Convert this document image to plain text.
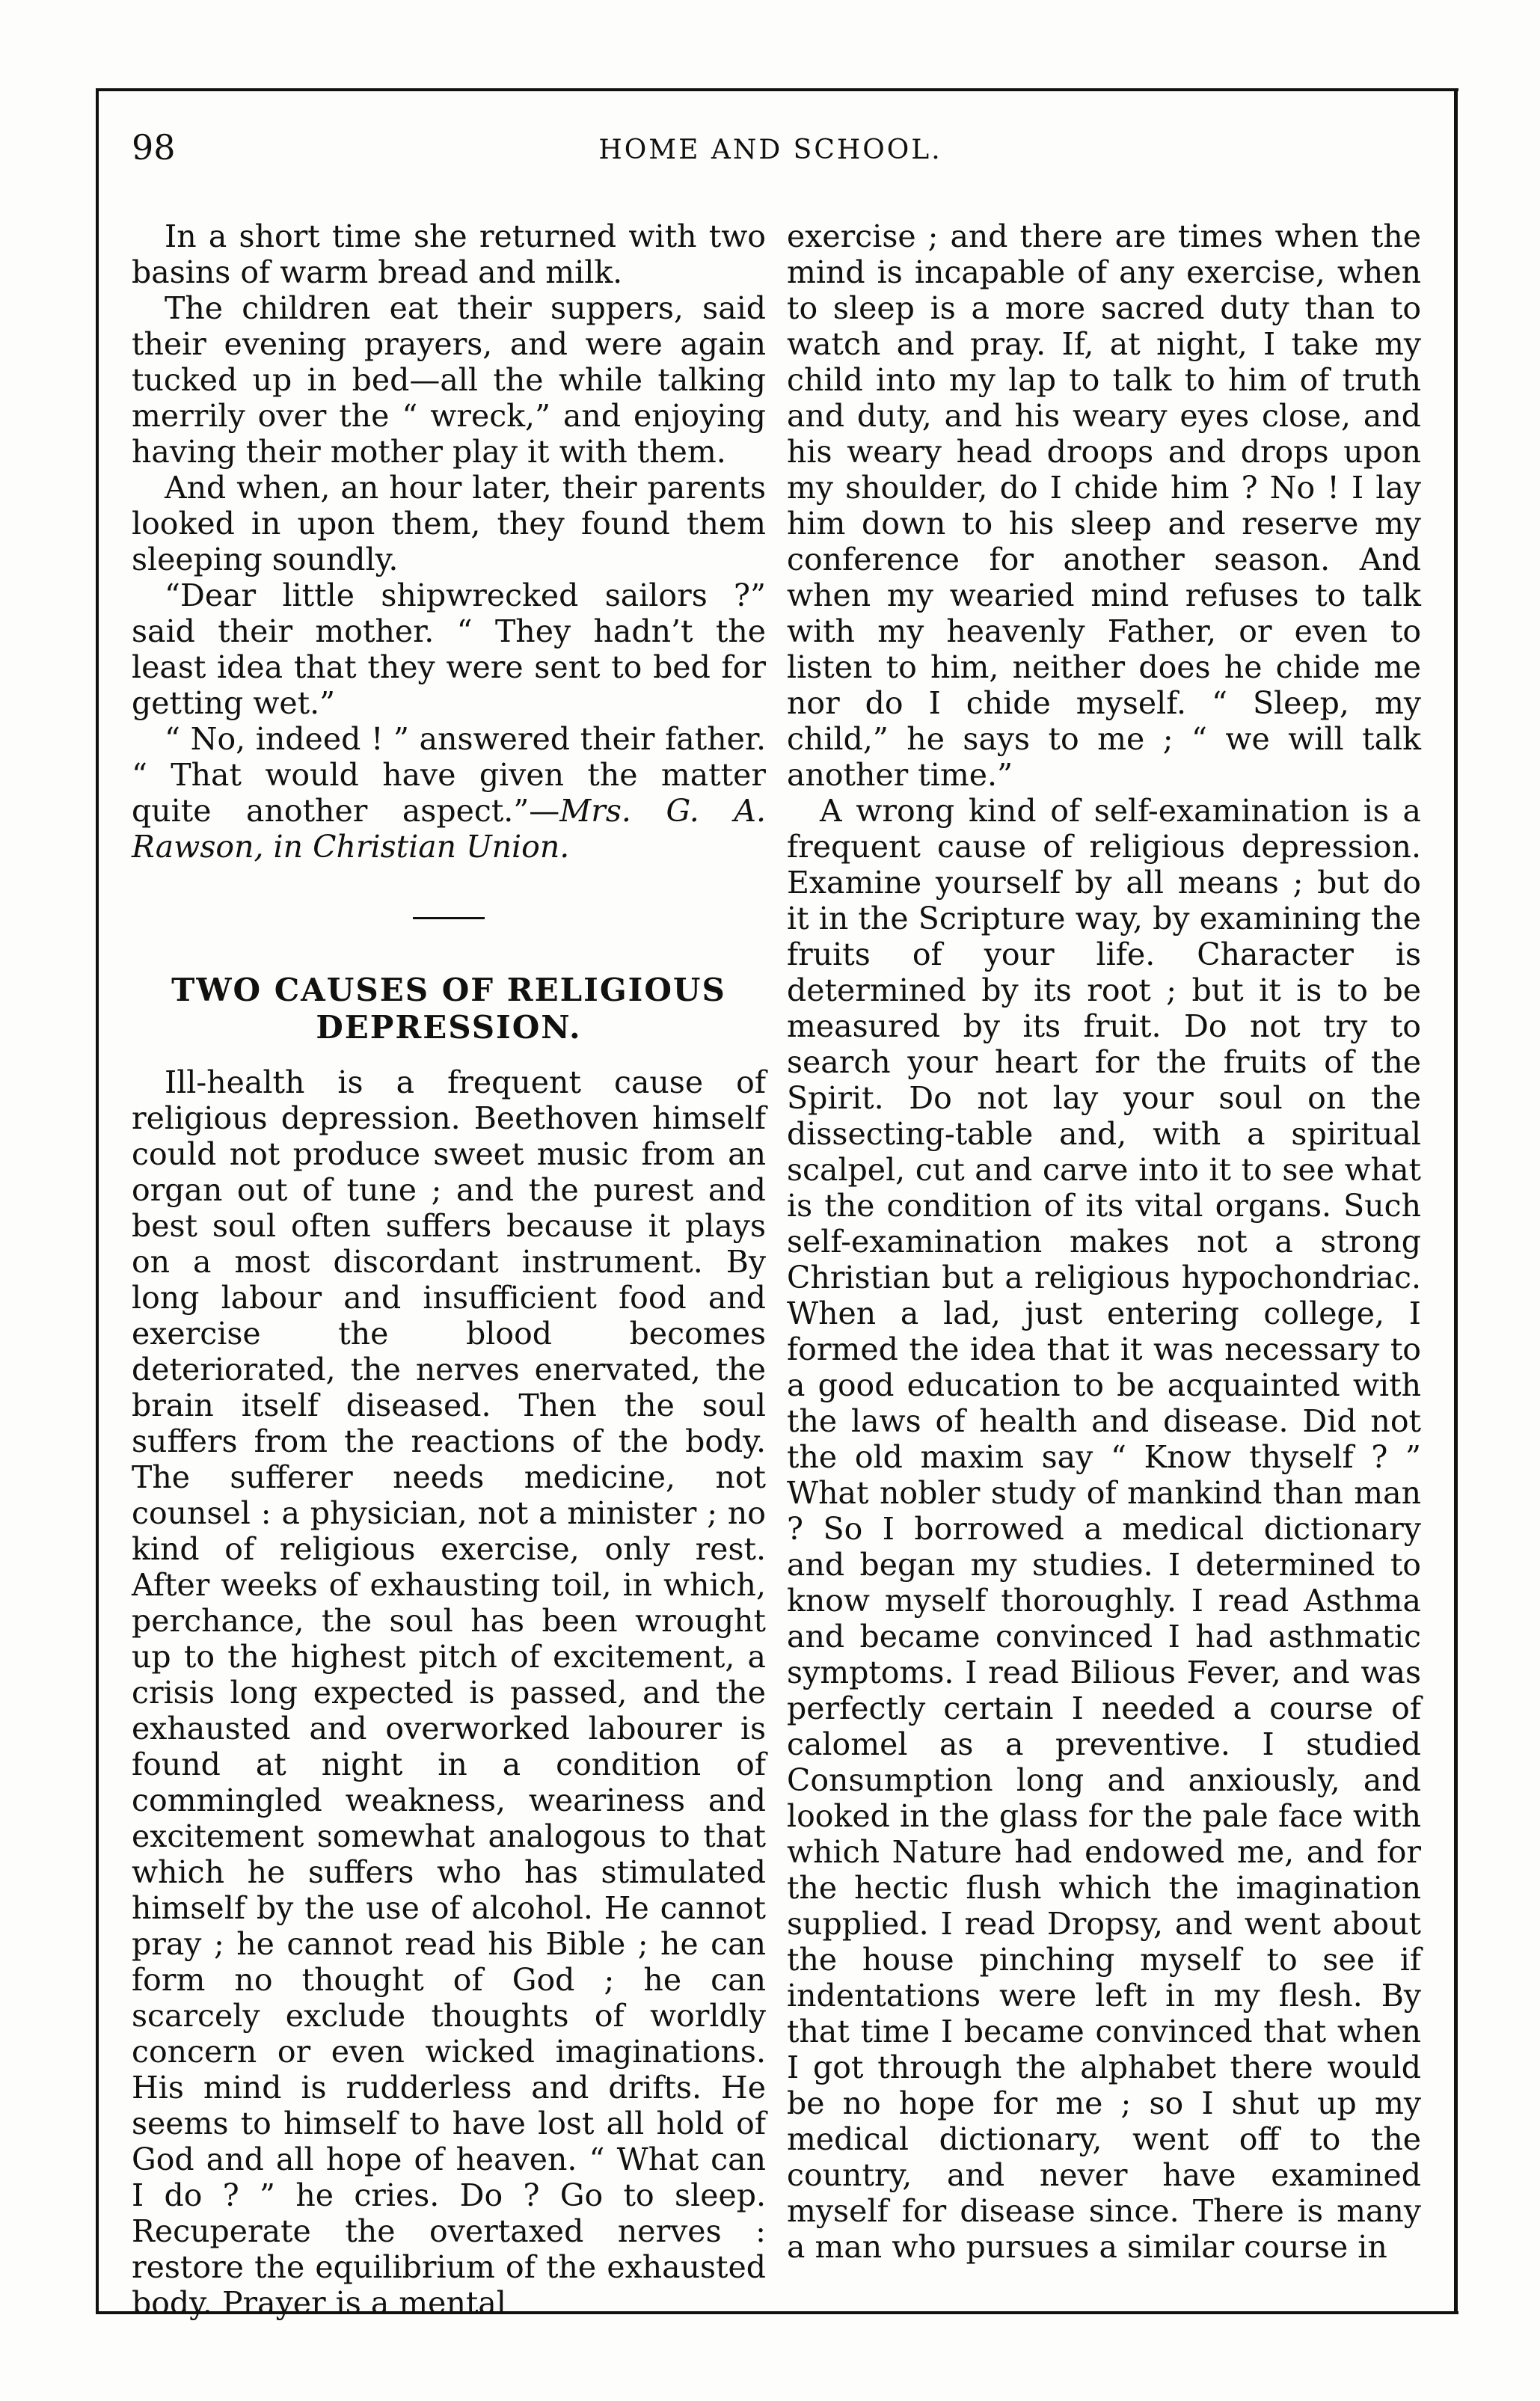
98	HOME AND SCHOOL.

In a short time she returned with two basins of warm bread and milk.

The children eat their suppers, said their evening prayers, and were again tucked up in bed—all the while talking merrily over the “ wreck,” and enjoying having their mother play it with them.

And when, an hour later, their parents looked in upon them, they found them sleeping soundly.

“Dear little shipwrecked sailors ?” said their mother. “ They hadn’t the least idea that they were sent to bed for getting wet.”

“ No, indeed ! ” answered their father. “ That would have given the matter quite another aspect.”—Mrs. G. A. Rawson, in Christian Union.

TWO CAUSES OF RELIGIOUS
DEPRESSION.

Ill-health is a frequent cause of religious depression. Beethoven himself could not produce sweet music from an organ out of tune ; and the purest and best soul often suffers because it plays on a most discordant instrument. By long labour and insufficient food and exercise the blood becomes deteriorated, the nerves enervated, the brain itself diseased. Then the soul suffers from the reactions of the body. The sufferer needs medicine, not counsel : a physician, not a minister ; no kind of religious exercise, only rest. After weeks of exhausting toil, in which, perchance, the soul has been wrought up to the highest pitch of excitement, a crisis long expected is passed, and the exhausted and overworked labourer is found at night in a condition of commingled weakness, weariness and excitement somewhat analogous to that which he suffers who has stimulated himself by the use of alcohol. He cannot pray ; he cannot read his Bible ; he can form no thought of God ; he can scarcely exclude thoughts of worldly concern or even wicked imaginations. His mind is rudderless and drifts. He seems to himself to have lost all hold of God and all hope of heaven. “ What can I do ? ” he cries. Do ? Go to sleep. Recuperate the overtaxed nerves : restore the equilibrium of the exhausted body. Prayer is a mental

exercise ; and there are times when the mind is incapable of any exercise, when to sleep is a more sacred duty than to watch and pray. If, at night, I take my child into my lap to talk to him of truth and duty, and his weary eyes close, and his weary head droops and drops upon my shoulder, do I chide him ? No ! I lay him down to his sleep and reserve my conference for another season. And when my wearied mind refuses to talk with my heavenly Father, or even to listen to him, neither does he chide me nor do I chide myself. “ Sleep, my child,” he says to me ; “ we will talk another time.”

A wrong kind of self-examination is a frequent cause of religious depression. Examine yourself by all means ; but do it in the Scripture way, by examining the fruits of your life. Character is determined by its root ; but it is to be measured by its fruit. Do not try to search your heart for the fruits of the Spirit. Do not lay your soul on the dissecting-table and, with a spiritual scalpel, cut and carve into it to see what is the condition of its vital organs. Such self-examination makes not a strong Christian but a religious hypochondriac. When a lad, just entering college, I formed the idea that it was necessary to a good education to be acquainted with the laws of health and disease. Did not the old maxim say “ Know thyself ? ” What nobler study of mankind than man ? So I borrowed a medical dictionary and began my studies. I determined to know myself thoroughly. I read Asthma and became convinced I had asthmatic symptoms. I read Bilious Fever, and was perfectly certain I needed a course of calomel as a preventive. I studied Consumption long and anxiously, and looked in the glass for the pale face with which Nature had endowed me, and for the hectic flush which the imagination supplied. I read Dropsy, and went about the house pinching myself to see if indentations were left in my flesh. By that time I became convinced that when I got through the alphabet there would be no hope for me ; so I shut up my medical dictionary, went off to the country, and never have examined myself for disease since. There is many a man who pursues a similar course in
